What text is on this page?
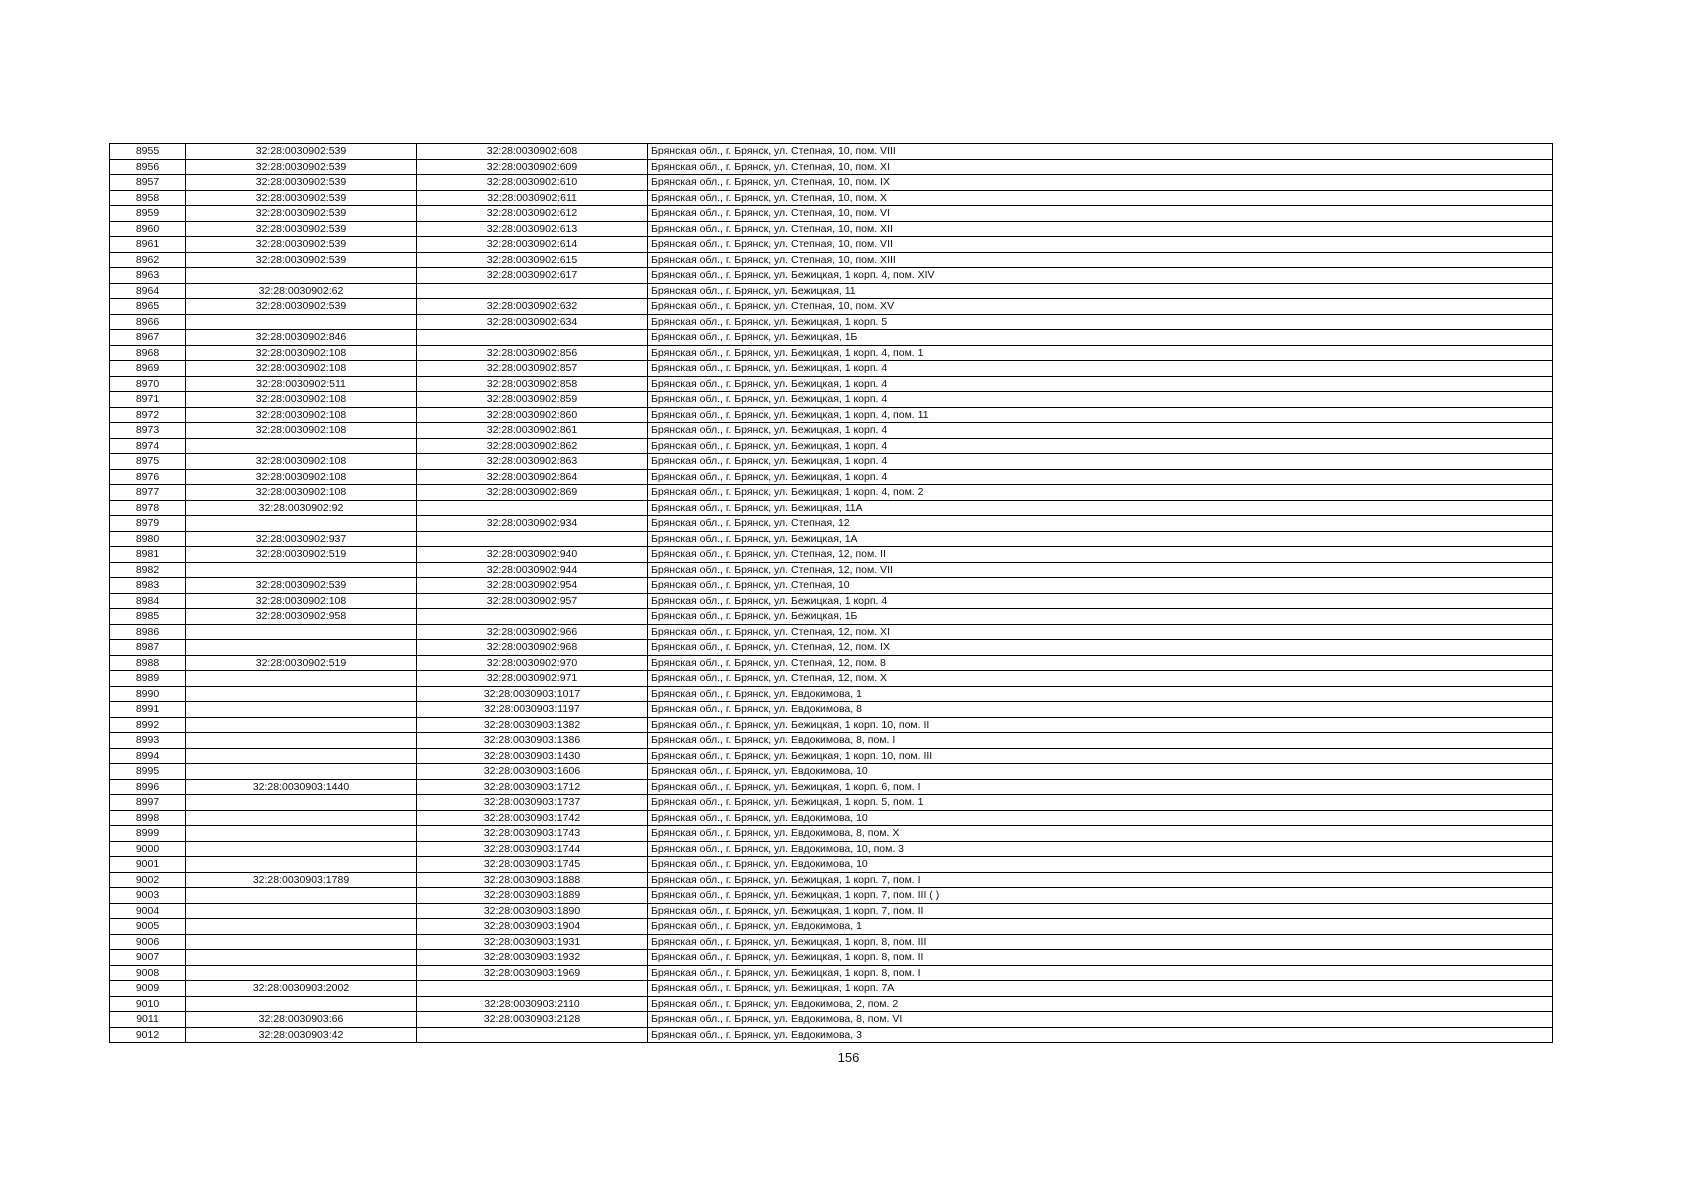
8955	32:28:0030902:539	32:28:0030902:608	Брянская обл., г. Брянск, ул. Степная, 10, пом. VIII
8956	32:28:0030902:539	32:28:0030902:609	Брянская обл., г. Брянск, ул. Степная, 10, пом. XI
8957	32:28:0030902:539	32:28:0030902:610	Брянская обл., г. Брянск, ул. Степная, 10, пом. IX
8958	32:28:0030902:539	32:28:0030902:611	Брянская обл., г. Брянск, ул. Степная, 10, пом. X
8959	32:28:0030902:539	32:28:0030902:612	Брянская обл., г. Брянск, ул. Степная, 10, пом. VI
8960	32:28:0030902:539	32:28:0030902:613	Брянская обл., г. Брянск, ул. Степная, 10, пом. XII
8961	32:28:0030902:539	32:28:0030902:614	Брянская обл., г. Брянск, ул. Степная, 10, пом. VII
8962	32:28:0030902:539	32:28:0030902:615	Брянская обл., г. Брянск, ул. Степная, 10, пом. XIII
8963		32:28:0030902:617	Брянская обл., г. Брянск, ул. Бежицкая, 1 корп. 4, пом. XIV
8964	32:28:0030902:62		Брянская обл., г. Брянск, ул. Бежицкая, 11
8965	32:28:0030902:539	32:28:0030902:632	Брянская обл., г. Брянск, ул. Степная, 10, пом. XV
8966		32:28:0030902:634	Брянская обл., г. Брянск, ул. Бежицкая, 1 корп. 5
8967	32:28:0030902:846		Брянская обл., г. Брянск, ул. Бежицкая, 1Б
8968	32:28:0030902:108	32:28:0030902:856	Брянская обл., г. Брянск, ул. Бежицкая, 1 корп. 4, пом. 1
8969	32:28:0030902:108	32:28:0030902:857	Брянская обл., г. Брянск, ул. Бежицкая, 1 корп. 4
8970	32:28:0030902:511	32:28:0030902:858	Брянская обл., г. Брянск, ул. Бежицкая, 1 корп. 4
8971	32:28:0030902:108	32:28:0030902:859	Брянская обл., г. Брянск, ул. Бежицкая, 1 корп. 4
8972	32:28:0030902:108	32:28:0030902:860	Брянская обл., г. Брянск, ул. Бежицкая, 1 корп. 4, пом. 11
8973	32:28:0030902:108	32:28:0030902:861	Брянская обл., г. Брянск, ул. Бежицкая, 1 корп. 4
8974		32:28:0030902:862	Брянская обл., г. Брянск, ул. Бежицкая, 1 корп. 4
8975	32:28:0030902:108	32:28:0030902:863	Брянская обл., г. Брянск, ул. Бежицкая, 1 корп. 4
8976	32:28:0030902:108	32:28:0030902:864	Брянская обл., г. Брянск, ул. Бежицкая, 1 корп. 4
8977	32:28:0030902:108	32:28:0030902:869	Брянская обл., г. Брянск, ул. Бежицкая, 1 корп. 4, пом. 2
8978	32:28:0030902:92		Брянская обл., г. Брянск, ул. Бежицкая, 11А
8979		32:28:0030902:934	Брянская обл., г. Брянск, ул. Степная, 12
8980	32:28:0030902:937		Брянская обл., г. Брянск, ул. Бежицкая, 1А
8981	32:28:0030902:519	32:28:0030902:940	Брянская обл., г. Брянск, ул. Степная, 12, пом. II
8982		32:28:0030902:944	Брянская обл., г. Брянск, ул. Степная, 12, пом. VII
8983	32:28:0030902:539	32:28:0030902:954	Брянская обл., г. Брянск, ул. Степная, 10
8984	32:28:0030902:108	32:28:0030902:957	Брянская обл., г. Брянск, ул. Бежицкая, 1 корп. 4
8985	32:28:0030902:958		Брянская обл., г. Брянск, ул. Бежицкая, 1Б
8986		32:28:0030902:966	Брянская обл., г. Брянск, ул. Степная, 12, пом. XI
8987		32:28:0030902:968	Брянская обл., г. Брянск, ул. Степная, 12, пом. IX
8988	32:28:0030902:519	32:28:0030902:970	Брянская обл., г. Брянск, ул. Степная, 12, пом. 8
8989		32:28:0030902:971	Брянская обл., г. Брянск, ул. Степная, 12, пом. X
8990		32:28:0030903:1017	Брянская обл., г. Брянск, ул. Евдокимова, 1
8991		32:28:0030903:1197	Брянская обл., г. Брянск, ул. Евдокимова, 8
8992		32:28:0030903:1382	Брянская обл., г. Брянск, ул. Бежицкая, 1 корп. 10, пом. II
8993		32:28:0030903:1386	Брянская обл., г. Брянск, ул. Евдокимова, 8, пом. I
8994		32:28:0030903:1430	Брянская обл., г. Брянск, ул. Бежицкая, 1 корп. 10, пом. III
8995		32:28:0030903:1606	Брянская обл., г. Брянск, ул. Евдокимова, 10
8996	32:28:0030903:1440	32:28:0030903:1712	Брянская обл., г. Брянск, ул. Бежицкая, 1 корп. 6, пом. I
8997		32:28:0030903:1737	Брянская обл., г. Брянск, ул. Бежицкая, 1 корп. 5, пом. 1
8998		32:28:0030903:1742	Брянская обл., г. Брянск, ул. Евдокимова, 10
8999		32:28:0030903:1743	Брянская обл., г. Брянск, ул. Евдокимова, 8, пом. X
9000		32:28:0030903:1744	Брянская обл., г. Брянск, ул. Евдокимова, 10, пом. 3
9001		32:28:0030903:1745	Брянская обл., г. Брянск, ул. Евдокимова, 10
9002	32:28:0030903:1789	32:28:0030903:1888	Брянская обл., г. Брянск, ул. Бежицкая, 1 корп. 7, пом. I
9003		32:28:0030903:1889	Брянская обл., г. Брянск, ул. Бежицкая, 1 корп. 7, пом. III ( )
9004		32:28:0030903:1890	Брянская обл., г. Брянск, ул. Бежицкая, 1 корп. 7, пом. II
9005		32:28:0030903:1904	Брянская обл., г. Брянск, ул. Евдокимова, 1
9006		32:28:0030903:1931	Брянская обл., г. Брянск, ул. Бежицкая, 1 корп. 8, пом. III
9007		32:28:0030903:1932	Брянская обл., г. Брянск, ул. Бежицкая, 1 корп. 8, пом. II
9008		32:28:0030903:1969	Брянская обл., г. Брянск, ул. Бежицкая, 1 корп. 8, пом. I
9009	32:28:0030903:2002		Брянская обл., г. Брянск, ул. Бежицкая, 1 корп. 7А
9010		32:28:0030903:2110	Брянская обл., г. Брянск, ул. Евдокимова, 2, пом. 2
9011	32:28:0030903:66	32:28:0030903:2128	Брянская обл., г. Брянск, ул. Евдокимова, 8, пом. VI
9012	32:28:0030903:42		Брянская обл., г. Брянск, ул. Евдокимова, 3
156
